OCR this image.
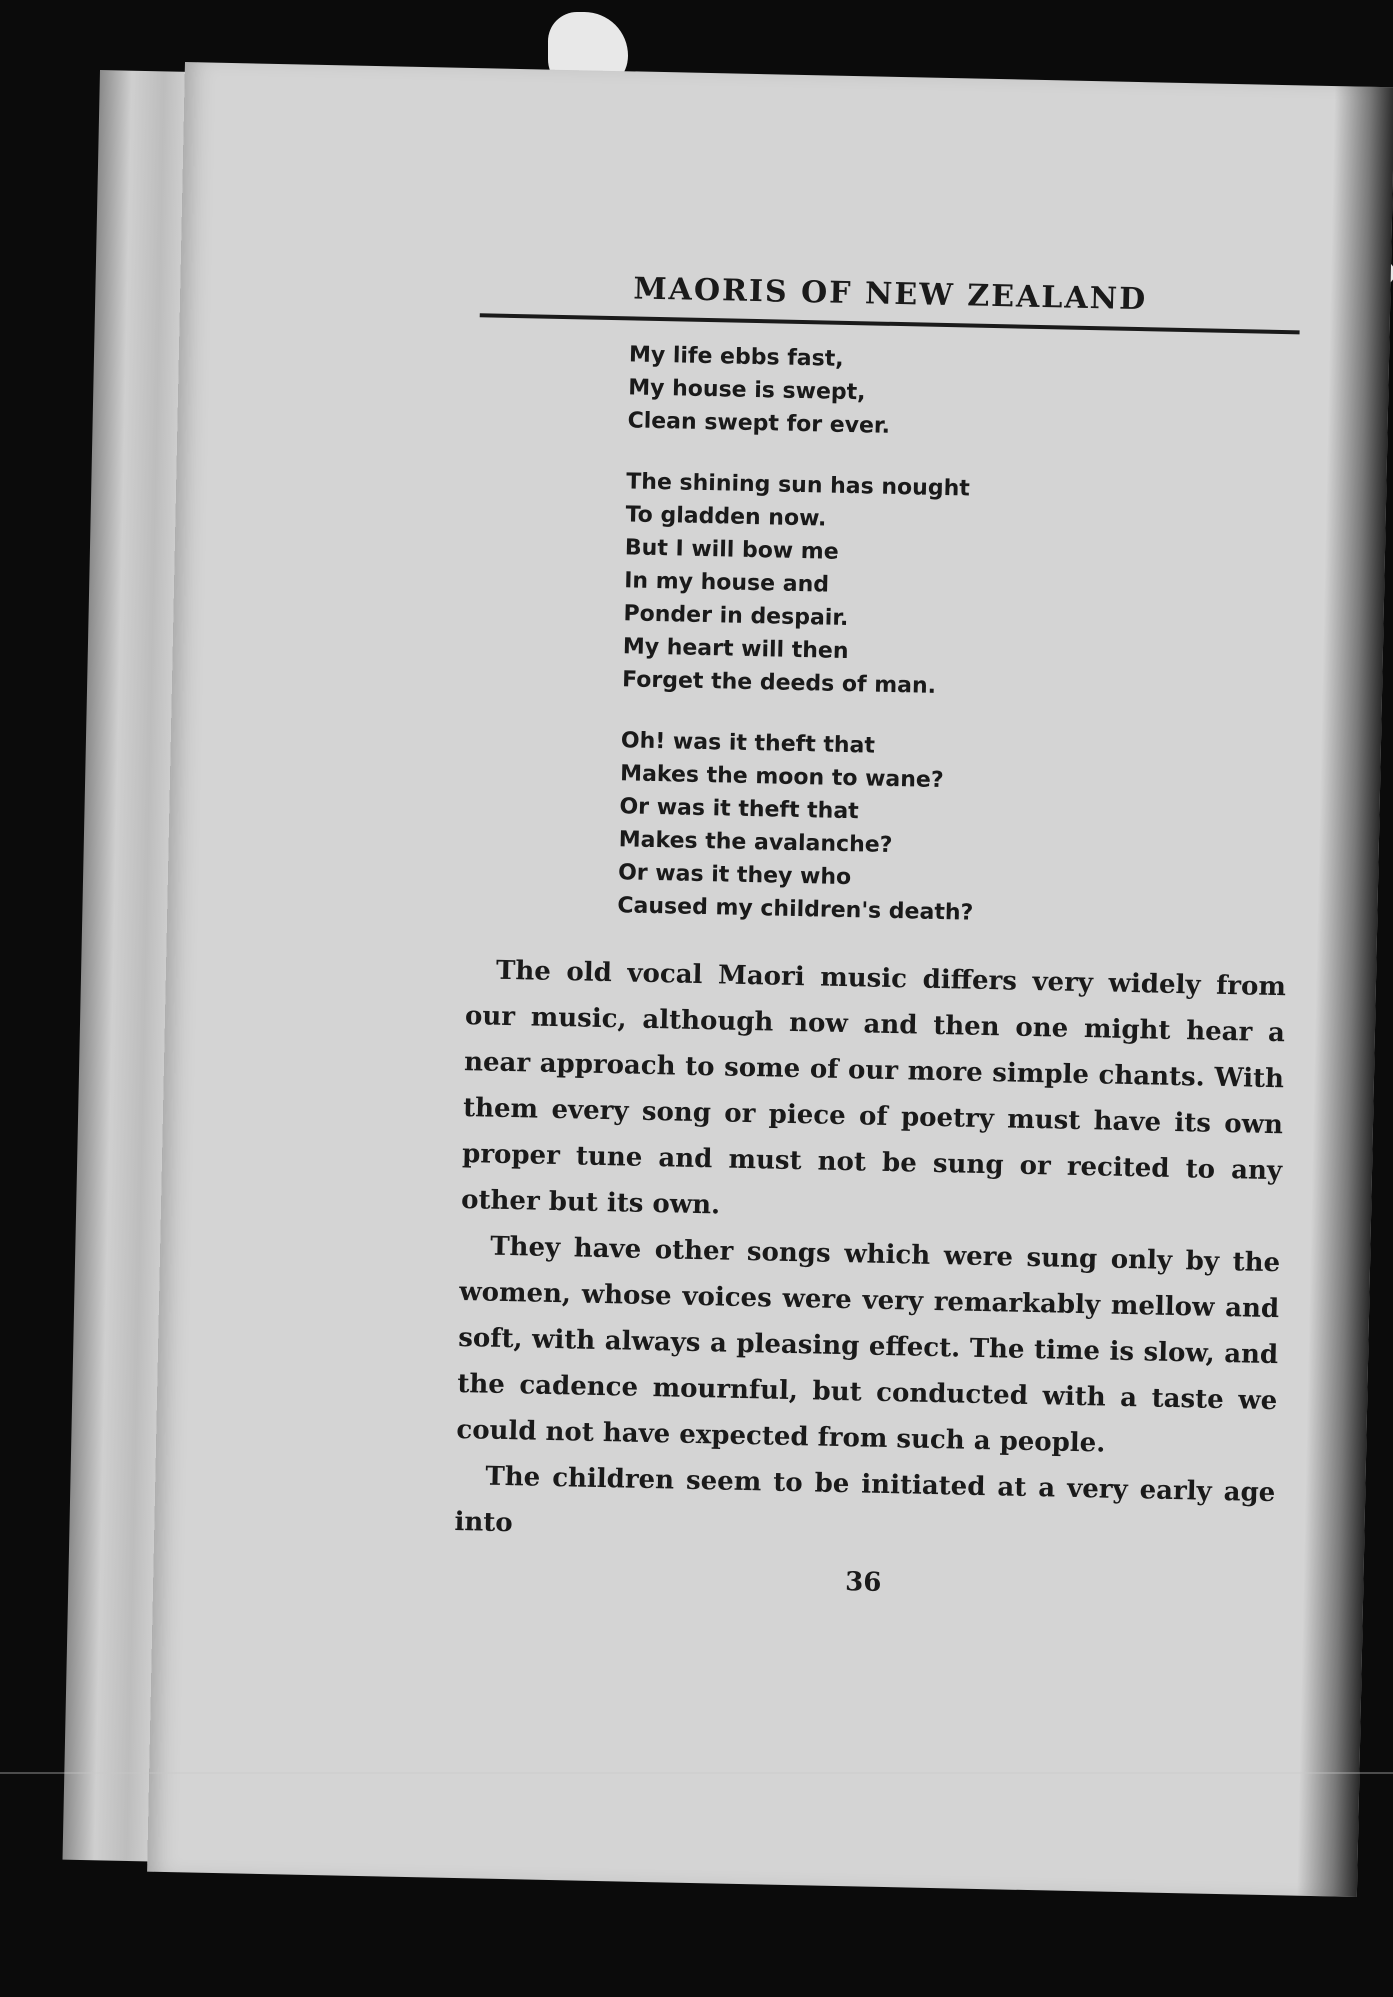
MAORIS OF NEW ZEALAND
My life ebbs fast,
My house is swept,
Clean swept for ever.
The shining sun has nought
To gladden now.
But I will bow me
In my house and
Ponder in despair.
My heart will then
Forget the deeds of man.
Oh! was it theft that
Makes the moon to wane?
Or was it theft that
Makes the avalanche?
Or was it they who
Caused my children's death?

The old vocal Maori music differs very widely from our music, although now and then one might hear a near approach to some of our more simple chants. With them every song or piece of poetry must have its own proper tune and must not be sung or recited to any other but its own.

They have other songs which were sung only by the women, whose voices were very remarkably mellow and soft, with always a pleasing effect. The time is slow, and the cadence mournful, but conducted with a taste we could not have expected from such a people.

The children seem to be initiated at a very early age into

36
